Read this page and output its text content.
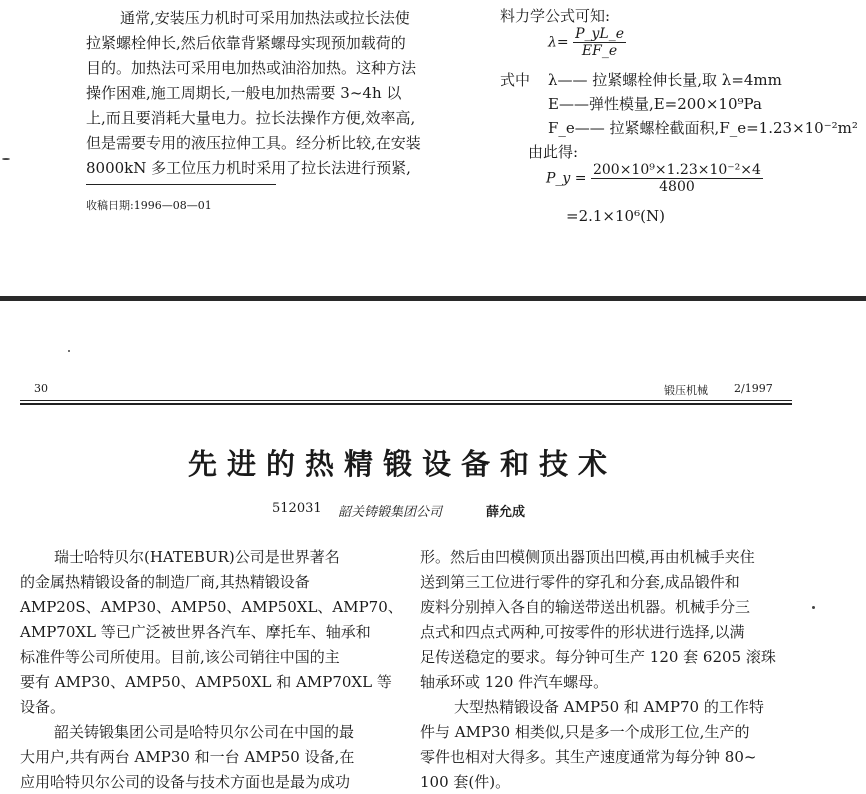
通常,安装压力机时可采用加热法或拉长法使
拉紧螺栓伸长,然后依靠背紧螺母实现预加载荷的
目的。加热法可采用电加热或油浴加热。这种方法
操作困难,施工周期长,一般电加热需要 3~4h 以
上,而且要消耗大量电力。拉长法操作方便,效率高,
但是需要专用的液压拉伸工具。经分析比较,在安装
8000kN 多工位压力机时采用了拉长法进行预紧,
收稿日期:1996—08—01
料力学公式可知:
$\lambda= \frac{P\_yL\_e}{EF\_e}$
式中 λ—— 拉紧螺栓伸长量,取 λ=4mm
E——弹性模量,E=200×10⁹Pa
F_e—— 拉紧螺栓截面积,F_e=1.23×10⁻²m²
由此得:
P_y = $\frac{\text{200×10⁹×1.23×10⁻²×4}}{4800}$
=2.1×10⁶(N)
30	锻压机械 2/1997
先进的热精锻设备和技术
512031 韶关铸锻集团公司	薛允成
瑞士哈特贝尔(HATEBUR)公司是世界著名
的金属热精锻设备的制造厂商,其热精锻设备
AMP20S、AMP30、AMP50、AMP50XL、AMP70、
AMP70XL 等已广泛被世界各汽车、摩托车、轴承和
标准件等公司所使用。目前,该公司销往中国的主
要有 AMP30、AMP50、AMP50XL 和 AMP70XL 等
设备。
韶关铸锻集团公司是哈特贝尔公司在中国的最
大用户,共有两台 AMP30 和一台 AMP50 设备,在
应用哈特贝尔公司的设备与技术方面也是最为成功
形。然后由凹模侧顶出器顶出凹模,再由机械手夹住
送到第三工位进行零件的穿孔和分套,成品锻件和
废料分别掉入各自的输送带送出机器。机械手分三
点式和四点式两种,可按零件的形状进行选择,以满
足传送稳定的要求。每分钟可生产 120 套 6205 滚珠
轴承环或 120 件汽车螺母。
大型热精锻设备 AMP50 和 AMP70 的工作特
件与 AMP30 相类似,只是多一个成形工位,生产的
零件也相对大得多。其生产速度通常为每分钟 80~
100 套(件)。
